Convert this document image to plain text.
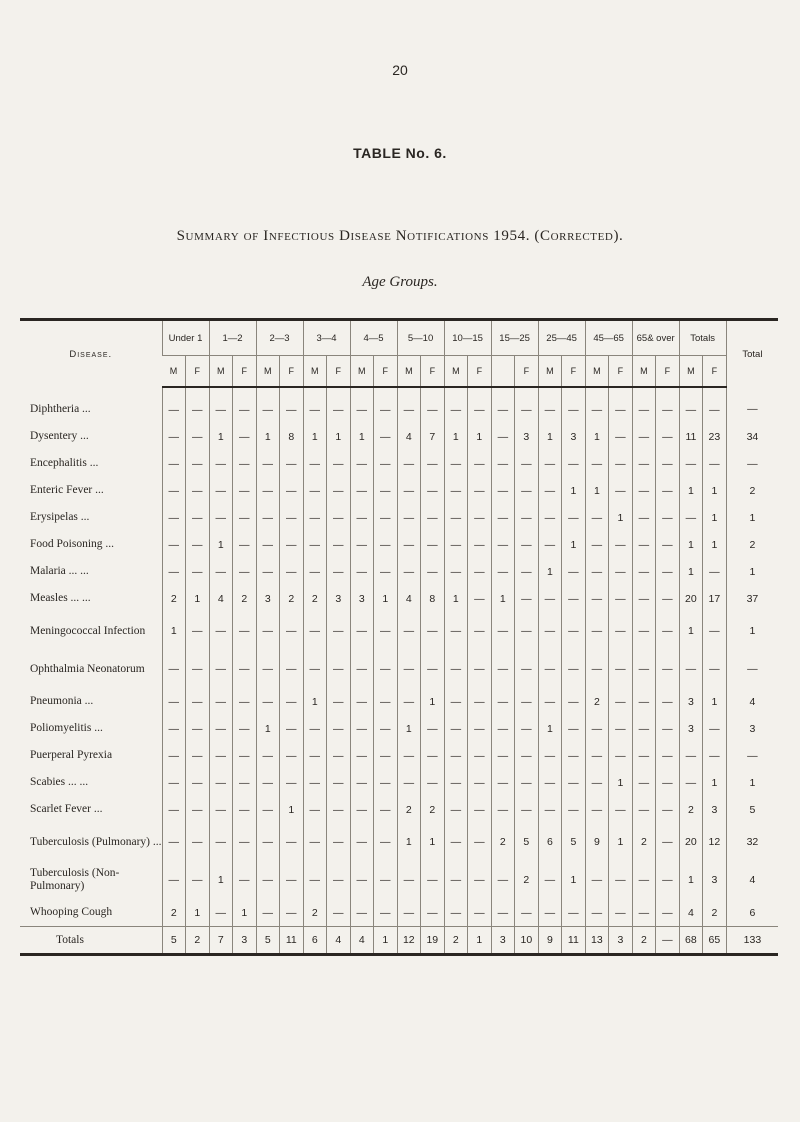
20
TABLE No. 6.
Summary of Infectious Disease Notifications 1954. (Corrected).
Age Groups.
Disease.	Under 1		1—2		2—3		3—4		4—5		5—10		10—15		15—25		25—45		45—65		65& over		Totals		Total
	M	F	M	F	M	F	M	F	M	F	M	F	M	F		F	M	F	M	F	M	F	M	F	
Diphtheria ...	—	—	—	—	—	—	—	—	—	—	—	—	—	—	—	—	—	—	—	—	—	—	—	—	—
Dysentery ...	—	—	1	—	1	8	1	1	1	—	4	7	1	1	—	3	1	3	1	—	—	—	11	23	34
Encephalitis ...	—	—	—	—	—	—	—	—	—	—	—	—	—	—	—	—	—	—	—	—	—	—	—	—	—
Enteric Fever ...	—	—	—	—	—	—	—	—	—	—	—	—	—	—	—	—	—	1	1	—	—	—	1	1	2
Erysipelas ...	—	—	—	—	—	—	—	—	—	—	—	—	—	—	—	—	—	—	—	1	—	—	—	1	1
Food Poisoning ...	—	—	1	—	—	—	—	—	—	—	—	—	—	—	—	—	—	1	—	—	—	—	1	1	2
Malaria ... ...	—	—	—	—	—	—	—	—	—	—	—	—	—	—	—	—	1	—	—	—	—	—	1	—	1
Measles ... ...	2	1	4	2	3	2	2	3	3	1	4	8	1	—	1	—	—	—	—	—	—	—	20	17	37
Meningococcal Infection	1	—	—	—	—	—	—	—	—	—	—	—	—	—	—	—	—	—	—	—	—	—	1	—	1
Ophthalmia Neonatorum	—	—	—	—	—	—	—	—	—	—	—	—	—	—	—	—	—	—	—	—	—	—	—	—	—
Pneumonia ...	—	—	—	—	—	—	1	—	—	—	—	1	—	—	—	—	—	—	2	—	—	—	3	1	4
Poliomyelitis ...	—	—	—	—	1	—	—	—	—	—	1	—	—	—	—	—	1	—	—	—	—	—	3	—	3
Puerperal Pyrexia	—	—	—	—	—	—	—	—	—	—	—	—	—	—	—	—	—	—	—	—	—	—	—	—	—
Scabies ... ...	—	—	—	—	—	—	—	—	—	—	—	—	—	—	—	—	—	—	—	1	—	—	—	1	1
Scarlet Fever ...	—	—	—	—	—	1	—	—	—	—	2	2	—	—	—	—	—	—	—	—	—	—	2	3	5
Tuberculosis (Pulmonary) ...	—	—	—	—	—	—	—	—	—	—	1	1	—	—	2	5	6	5	9	1	2	—	20	12	32
Tuberculosis (Non-Pulmonary)	—	—	1	—	—	—	—	—	—	—	—	—	—	—	—	2	—	1	—	—	—	—	1	3	4
Whooping Cough	2	1	—	1	—	—	2	—	—	—	—	—	—	—	—	—	—	—	—	—	—	—	4	2	6
Totals	5	2	7	3	5	11	6	4	4	1	12	19	2	1	3	10	9	11	13	3	2	—	68	65	133
